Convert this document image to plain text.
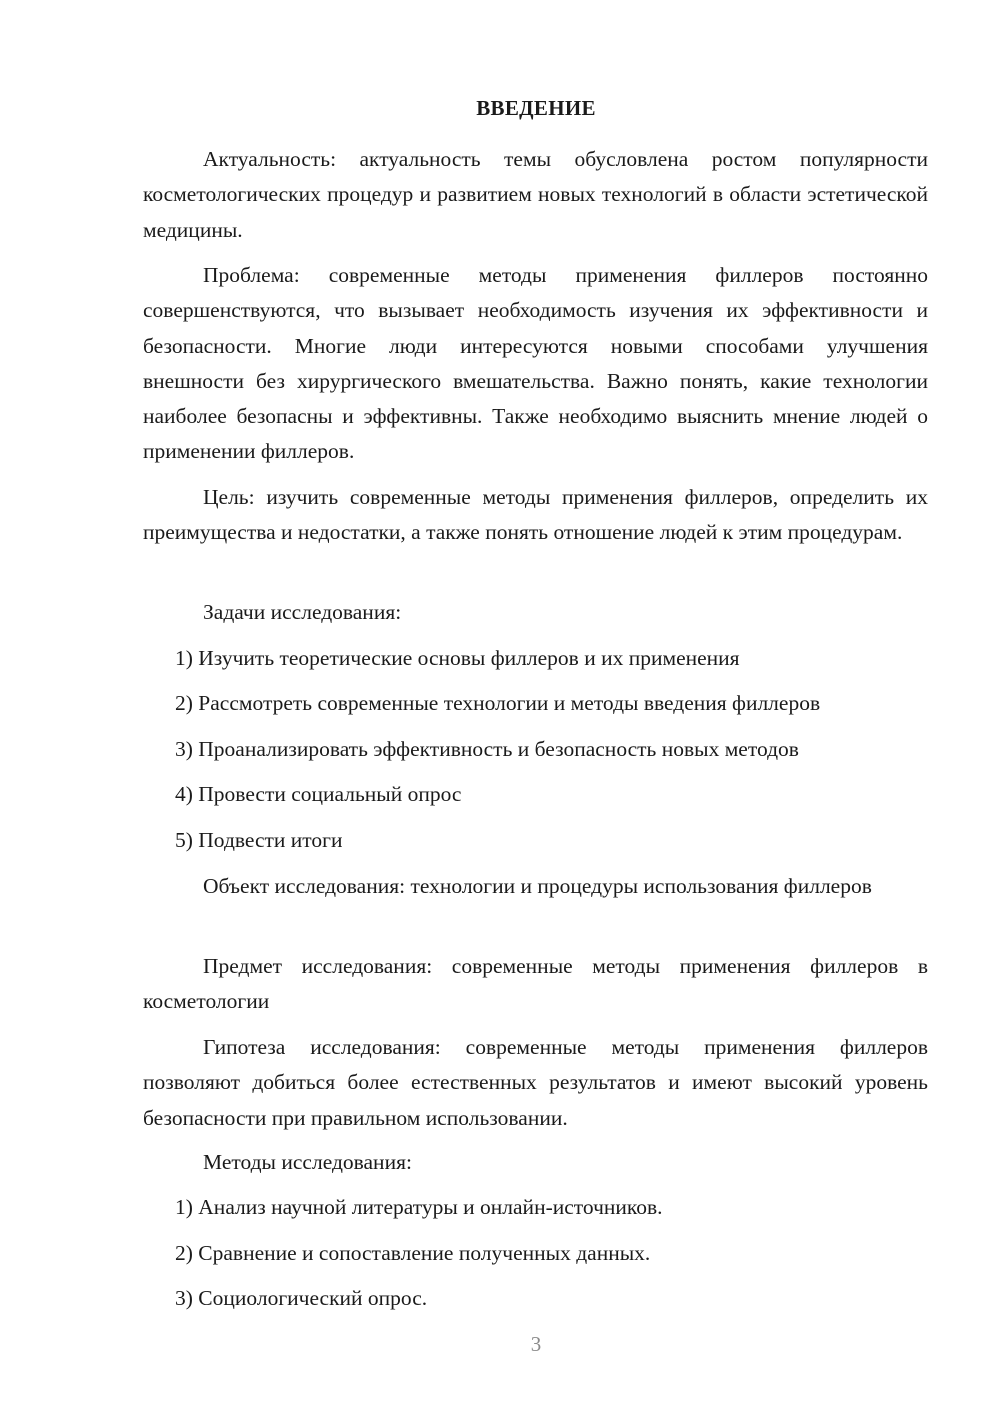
ВВЕДЕНИЕ

Актуальность: актуальность темы обусловлена ростом популярности косметологических процедур и развитием новых технологий в области эстетической медицины.

Проблема: современные методы применения филлеров постоянно совершенствуются, что вызывает необходимость изучения их эффективности и безопасности. Многие люди интересуются новыми способами улучшения внешности без хирургического вмешательства. Важно понять, какие технологии наиболее безопасны и эффективны. Также необходимо выяснить мнение людей о применении филлеров.

Цель: изучить современные методы применения филлеров, определить их преимущества и недостатки, а также понять отношение людей к этим процедурам.

Задачи исследования:
1) Изучить теоретические основы филлеров и их применения
2) Рассмотреть современные технологии и методы введения филлеров
3) Проанализировать эффективность и безопасность новых методов
4) Провести социальный опрос
5) Подвести итоги

Объект исследования: технологии и процедуры использования филлеров

Предмет исследования: современные методы применения филлеров в косметологии

Гипотеза исследования: современные методы применения филлеров позволяют добиться более естественных результатов и имеют высокий уровень безопасности при правильном использовании.

Методы исследования:
1) Анализ научной литературы и онлайн-источников.
2) Сравнение и сопоставление полученных данных.
3) Социологический опрос.
3
